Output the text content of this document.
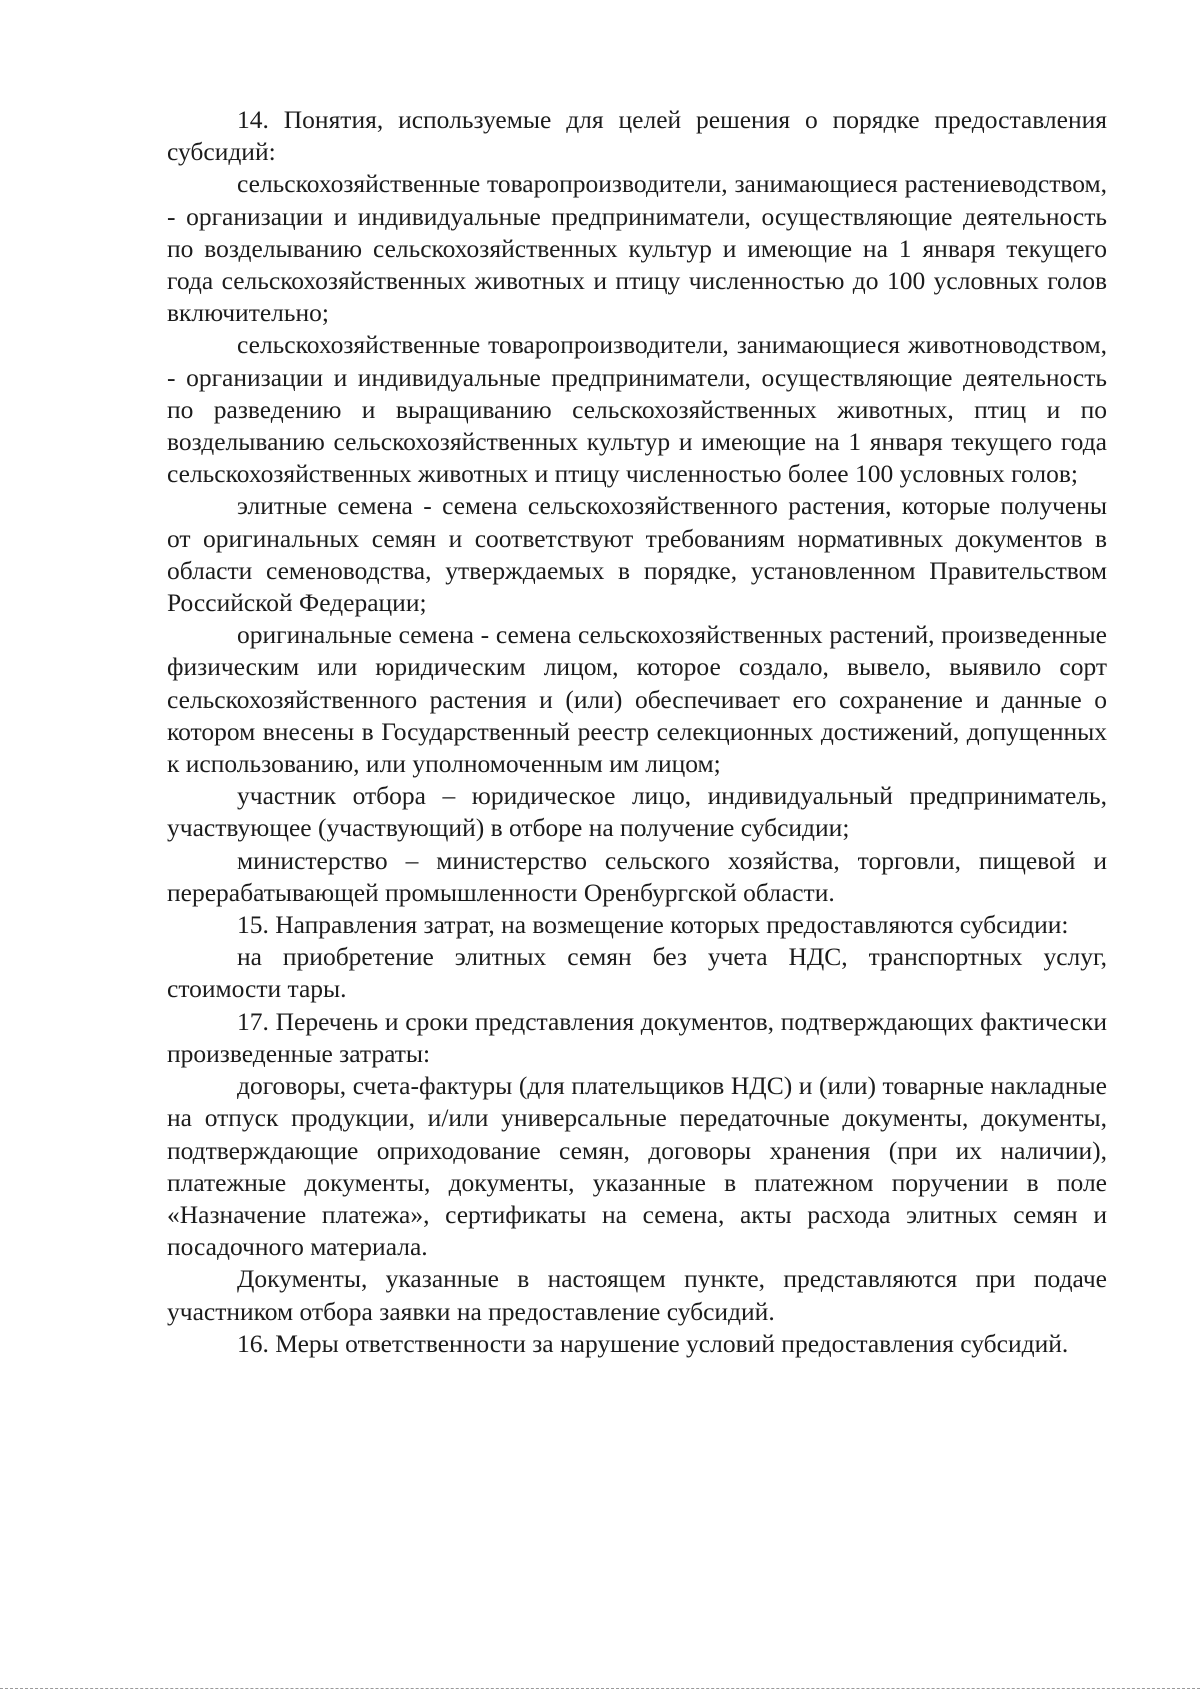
14. Понятия, используемые для целей решения о порядке предоставления субсидий:

сельскохозяйственные товаропроизводители, занимающиеся растениеводством, - организации и индивидуальные предприниматели, осуществляющие деятельность по возделыванию сельскохозяйственных культур и имеющие на 1 января текущего года сельскохозяйственных животных и птицу численностью до 100 условных голов включительно;

сельскохозяйственные товаропроизводители, занимающиеся животноводством, - организации и индивидуальные предприниматели, осуществляющие деятельность по разведению и выращиванию сельскохозяйственных животных, птиц и по возделыванию сельскохозяйственных культур и имеющие на 1 января текущего года сельскохозяйственных животных и птицу численностью более 100 условных голов;

элитные семена - семена сельскохозяйственного растения, которые получены от оригинальных семян и соответствуют требованиям нормативных документов в области семеноводства, утверждаемых в порядке, установленном Правительством Российской Федерации;

оригинальные семена - семена сельскохозяйственных растений, произведенные физическим или юридическим лицом, которое создало, вывело, выявило сорт сельскохозяйственного растения и (или) обеспечивает его сохранение и данные о котором внесены в Государственный реестр селекционных достижений, допущенных к использованию, или уполномоченным им лицом;

участник отбора – юридическое лицо, индивидуальный предприниматель, участвующее (участвующий) в отборе на получение субсидии;

министерство – министерство сельского хозяйства, торговли, пищевой и перерабатывающей промышленности Оренбургской области.

15. Направления затрат, на возмещение которых предоставляются субсидии:

на приобретение элитных семян без учета НДС, транспортных услуг, стоимости тары.

17. Перечень и сроки представления документов, подтверждающих фактически произведенные затраты:

договоры, счета-фактуры (для плательщиков НДС) и (или) товарные накладные на отпуск продукции, и/или универсальные передаточные документы, документы, подтверждающие оприходование семян, договоры хранения (при их наличии), платежные документы, документы, указанные в платежном поручении в поле «Назначение платежа», сертификаты на семена, акты расхода элитных семян и посадочного материала.

Документы, указанные в настоящем пункте, представляются при подаче участником отбора заявки на предоставление субсидий.

16. Меры ответственности за нарушение условий предоставления субсидий.
